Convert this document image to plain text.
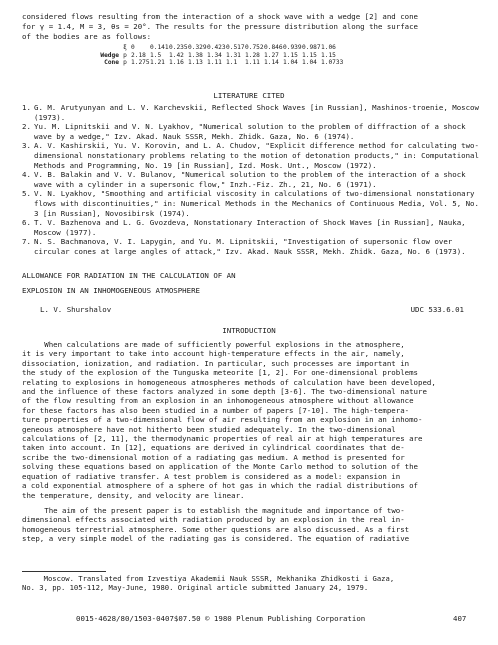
considered flows resulting from the interaction of a shock wave with a wedge [2] and cone

for γ = 1.4, M = 3, θs = 20°. The results for the pressure distribution along the surface

of the bodies are as follows:

ξ 0	0.141 0.235 0.329 0.423 0.517 0.752 0.846 0.939 0.987 1.06
Wedge p 2.18 1.5	1.42 1.38 1.34 1.31 1.28 1.27 1.15 1.15 1.15
Cone p 1.275 1.21 1.16 1.13 1.11 1.1	1.11 1.14 1.04 1.04 1.0733
LITERATURE CITED
1. G. M. Arutyunyan and L. V. Karchevskii, Reflected Shock Waves [in Russian], Mashinos-troenie, Moscow (1973).
2. Yu. M. Lipnitskii and V. N. Lyakhov, "Numerical solution to the problem of diffraction of a shock wave by a wedge," Izv. Akad. Nauk SSSR, Mekh. Zhidk. Gaza, No. 6 (1974).
3. A. V. Kashirskii, Yu. V. Korovin, and L. A. Chudov, "Explicit difference method for calculating two-dimensional nonstationary problems relating to the motion of detonation products," in: Computational Methods and Programming, No. 19 [in Russian], Izd. Mosk. Unt., Moscow (1972).
4. V. B. Balakin and V. V. Bulanov, "Numerical solution to the problem of the interaction of a shock wave with a cylinder in a supersonic flow," Inzh.-Fiz. Zh., 21, No. 6 (1971).
5. V. N. Lyakhov, "Smoothing and artificial viscosity in calculations of two-dimensional nonstationary flows with discontinuities," in: Numerical Methods in the Mechanics of Continuous Media, Vol. 5, No. 3 [in Russian], Novosibirsk (1974).
6. T. V. Bazhenova and L. G. Gvozdeva, Nonstationary Interaction of Shock Waves [in Russian], Nauka, Moscow (1977).
7. N. S. Bachmanova, V. I. Lapygin, and Yu. M. Lipnitskii, "Investigation of supersonic flow over circular cones at large angles of attack," Izv. Akad. Nauk SSSR, Mekh. Zhidk. Gaza, No. 6 (1973).
ALLOWANCE FOR RADIATION IN THE CALCULATION OF AN
EXPLOSION IN AN INHOMOGENEOUS ATMOSPHERE
L. V. Shurshalov	UDC 533.6.01
INTRODUCTION

When calculations are made of sufficiently powerful explosions in the atmosphere,
it is very important to take into account high-temperature effects in the air, namely,
dissociation, ionization, and radiation. In particular, such processes are important in
the study of the explosion of the Tunguska meteorite [1, 2]. For one-dimensional problems
relating to explosions in homogeneous atmospheres methods of calculation have been developed,
and the influence of these factors analyzed in some depth [3-6]. The two-dimensional nature
of the flow resulting from an explosion in an inhomogeneous atmosphere without allowance
for these factors has also been studied in a number of papers [7-10]. The high-tempera-
ture properties of a two-dimensional flow of air resulting from an explosion in an inhomo-
geneous atmosphere have not hitherto been studied adequately. In the two-dimensional
calculations of [2, 11], the thermodynamic properties of real air at high temperatures are
taken into account. In [12], equations are derived in cylindrical coordinates that de-
scribe the two-dimensional motion of a radiating gas medium. A method is presented for
solving these equations based on application of the Monte Carlo method to solution of the
equation of radiative transfer. A test problem is considered as a model: expansion in
a cold exponential atmosphere of a sphere of hot gas in which the radial distributions of
the temperature, density, and velocity are linear.

The aim of the present paper is to establish the magnitude and importance of two-
dimensional effects associated with radiation produced by an explosion in the real in-
homogeneous terrestrial atmosphere. Some other questions are also discussed. As a first
step, a very simple model of the radiating gas is considered. The equation of radiative

Moscow. Translated from Izvestiya Akademii Nauk SSSR, Mekhanika Zhidkosti i Gaza,
No. 3, pp. 105-112, May-June, 1980. Original article submitted January 24, 1979.
0015-4628/80/1503-0407$07.50 © 1980 Plenum Publishing Corporation	407
